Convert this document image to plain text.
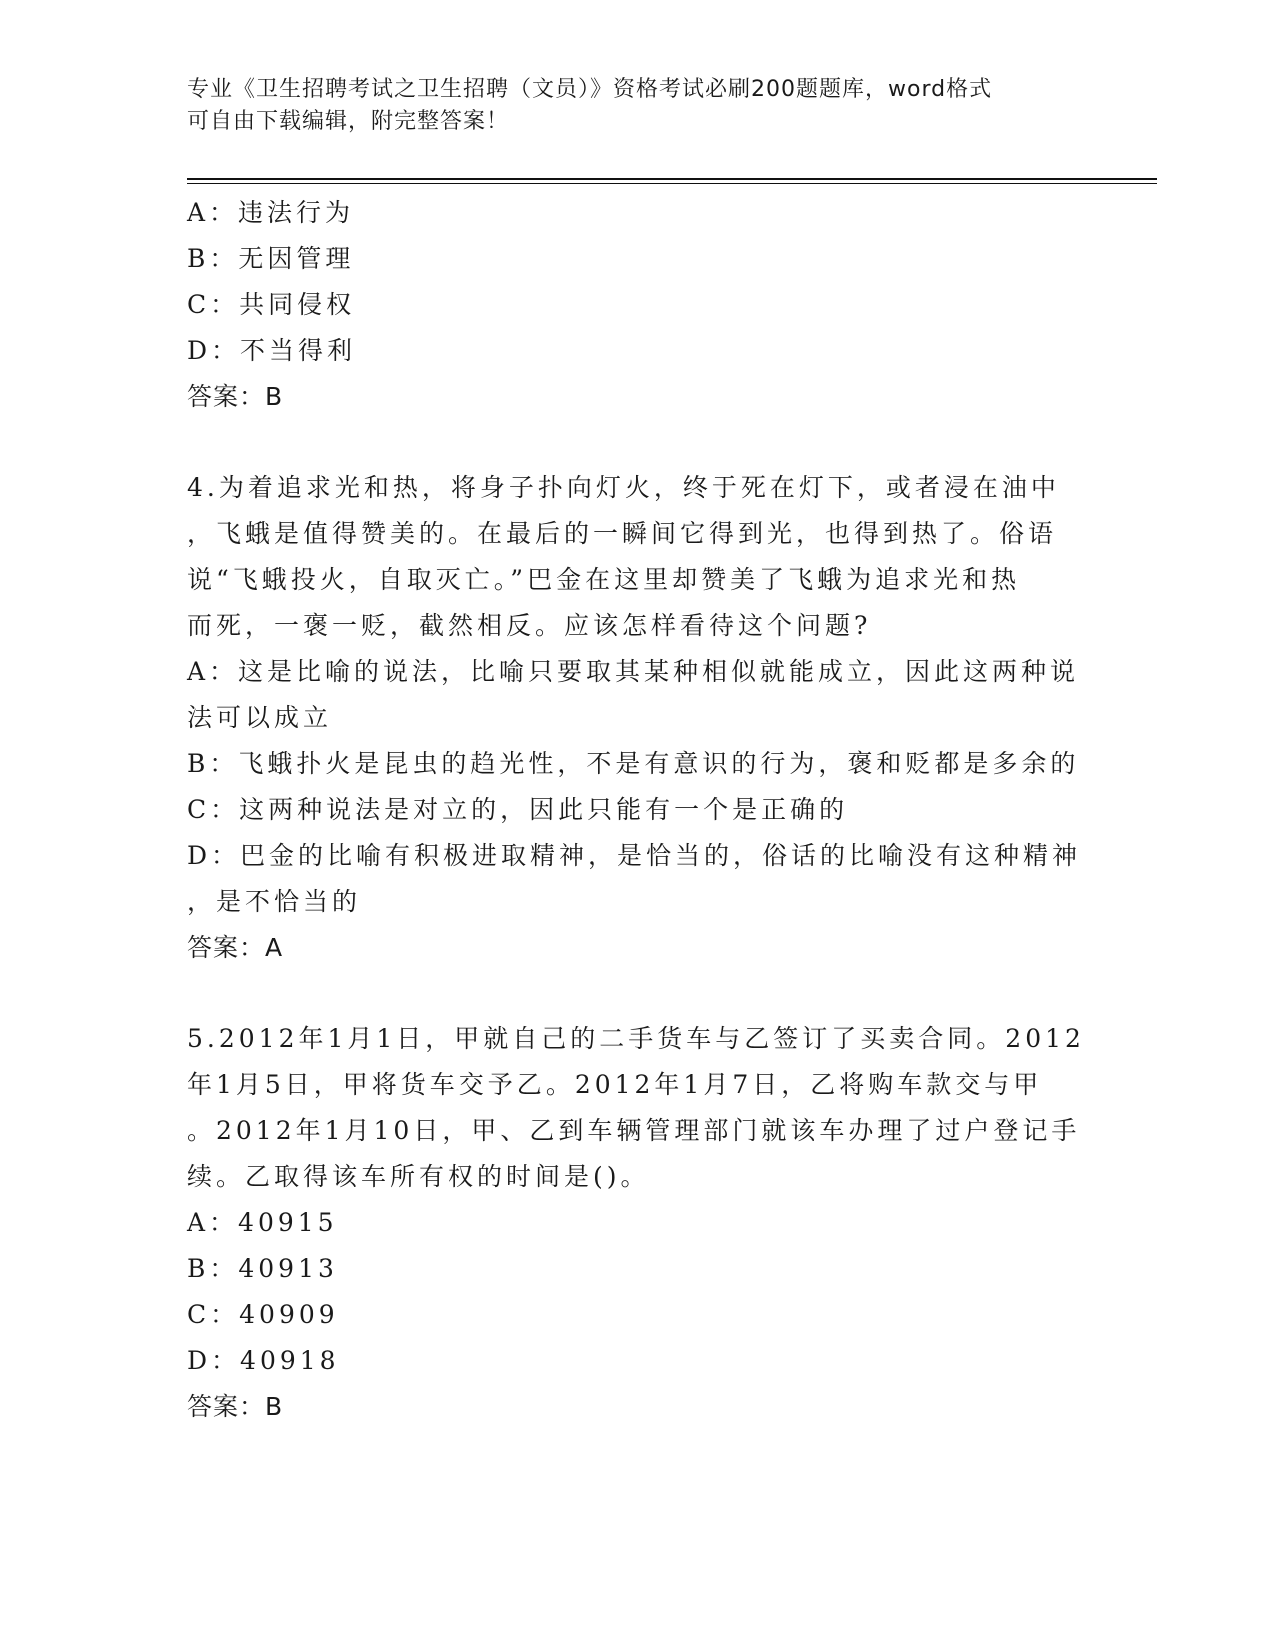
专业《卫生招聘考试之卫生招聘（文员）》资格考试必刷200题题库，word格式
可自由下载编辑，附完整答案！
A：违法行为
B：无因管理
C：共同侵权
D：不当得利
答案：B
4.为着追求光和热，将身子扑向灯火，终于死在灯下，或者浸在油中
，飞蛾是值得赞美的。在最后的一瞬间它得到光，也得到热了。俗语
说“飞蛾投火，自取灭亡。”巴金在这里却赞美了飞蛾为追求光和热
而死，一褒一贬，截然相反。应该怎样看待这个问题?
A：这是比喻的说法，比喻只要取其某种相似就能成立，因此这两种说
法可以成立
B：飞蛾扑火是昆虫的趋光性，不是有意识的行为，褒和贬都是多余的
C：这两种说法是对立的，因此只能有一个是正确的
D：巴金的比喻有积极进取精神，是恰当的，俗话的比喻没有这种精神
，是不恰当的
答案：A
5.2012年1月1日，甲就自己的二手货车与乙签订了买卖合同。2012
年1月5日，甲将货车交予乙。2012年1月7日，乙将购车款交与甲
。2012年1月10日，甲、乙到车辆管理部门就该车办理了过户登记手
续。乙取得该车所有权的时间是()。
A：40915
B：40913
C：40909
D：40918
答案：B
